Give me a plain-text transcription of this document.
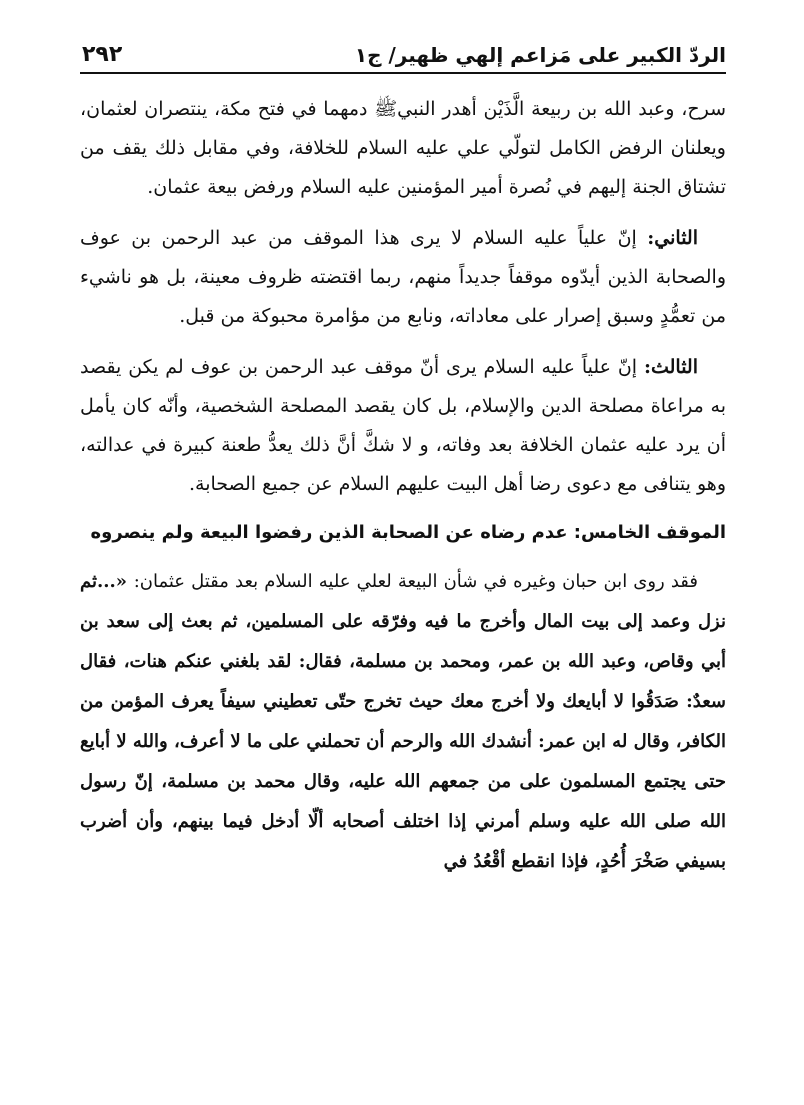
الردّ الكبير على مَزاعم إلهي ظهير/ ج١
٢٩٢

سرح، وعبد الله بن ربيعة الَّذَيْن أهدر النبيﷺ دمهما في فتح مكة، ينتصران لعثمان، ويعلنان الرفض الكامل لتولّي علي عليه السلام للخلافة، وفي مقابل ذلك يقف من تشتاق الجنة إليهم في نُصرة أمير المؤمنين عليه السلام ورفض بيعة عثمان.

الثاني: إنّ علياً عليه السلام لا يرى هذا الموقف من عبد الرحمن بن عوف والصحابة الذين أيدّوه موقفاً جديداً منهم، ربما اقتضته ظروف معينة، بل هو ناشيء من تعمُّدٍ وسبق إصرار على معاداته، ونابع من مؤامرة محبوكة من قبل.

الثالث: إنّ علياً عليه السلام يرى أنّ موقف عبد الرحمن بن عوف لم يكن يقصد به مراعاة مصلحة الدين والإسلام، بل كان يقصد المصلحة الشخصية، وأنّه كان يأمل أن يرد عليه عثمان الخلافة بعد وفاته، و لا شكَّ أنَّ ذلك يعدُّ طعنة كبيرة في عدالته، وهو يتنافى مع دعوى رضا أهل البيت عليهم السلام عن جميع الصحابة.

الموقف الخامس: عدم رضاه عن الصحابة الذين رفضوا البيعة ولم ينصروه

فقد روى ابن حبان وغيره في شأن البيعة لعلي عليه السلام بعد مقتل عثمان: «...ثم نزل وعمد إلى بيت المال وأخرج ما فيه وفرّقه على المسلمين، ثم بعث إلى سعد بن أبي وقاص، وعبد الله بن عمر، ومحمد بن مسلمة، فقال: لقد بلغني عنكم هنات، فقال سعدٌ: صَدَقُوا لا أبايعك ولا أخرج معك حيث تخرج حتّى تعطيني سيفاً يعرف المؤمن من الكافر، وقال له ابن عمر: أنشدك الله والرحم أن تحملني على ما لا أعرف، والله لا أبايع حتى يجتمع المسلمون على من جمعهم الله عليه، وقال محمد بن مسلمة، إنّ رسول الله صلى الله عليه وسلم أمرني إذا اختلف أصحابه ألّا أدخل فيما بينهم، وأن أضرب بسيفي صَخْرَ أُحُدٍ، فإذا انقطع أقْعُدُ في
